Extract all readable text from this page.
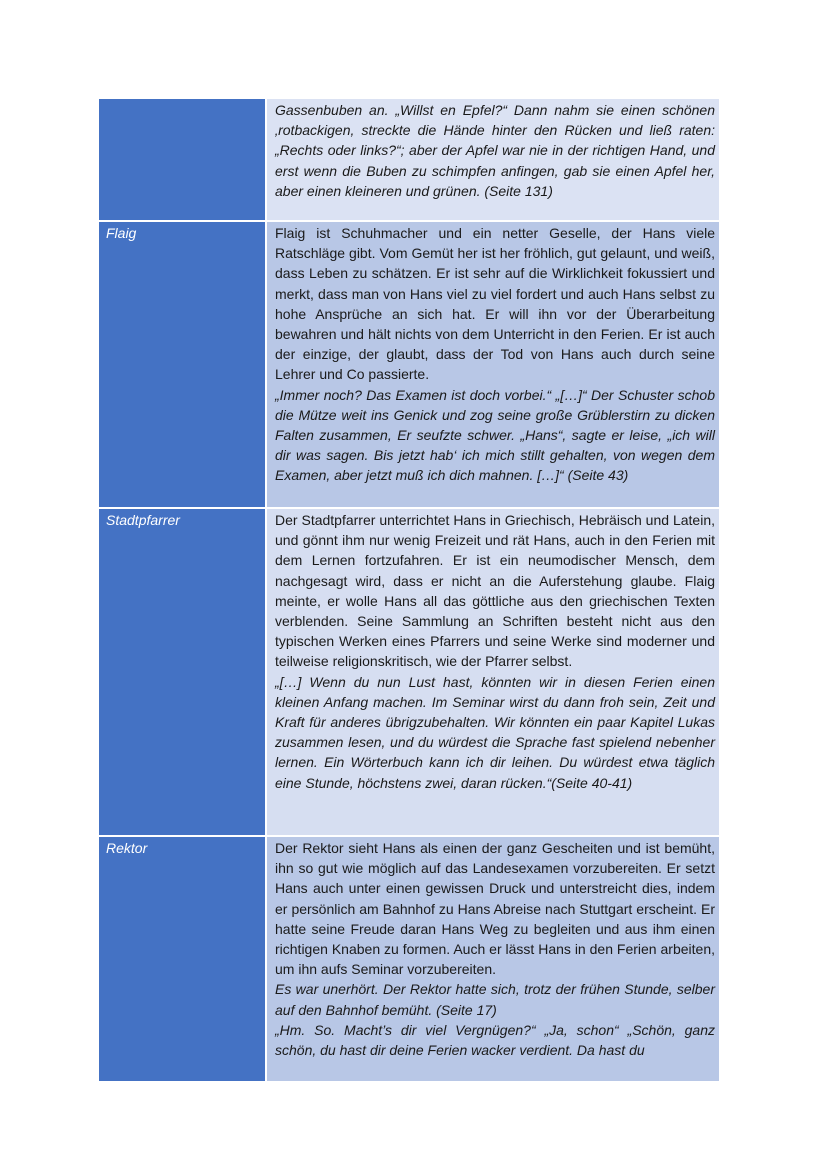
Gassenbuben an. „Willst en Epfel?“ Dann nahm sie einen schönen ‚rotbackigen, streckte die Hände hinter den Rücken und ließ raten: „Rechts oder links?“; aber der Apfel war nie in der richtigen Hand, und erst wenn die Buben zu schimpfen anfingen, gab sie einen Apfel her, aber einen kleineren und grünen. (Seite 131)
Flaig	Flaig ist Schuhmacher und ein netter Geselle, der Hans viele Ratschläge gibt. Vom Gemüt her ist her fröhlich, gut gelaunt, und weiß, dass Leben zu schätzen. Er ist sehr auf die Wirklichkeit fokussiert und merkt, dass man von Hans viel zu viel fordert und auch Hans selbst zu hohe Ansprüche an sich hat. Er will ihn vor der Überarbeitung bewahren und hält nichts von dem Unterricht in den Ferien. Er ist auch der einzige, der glaubt, dass der Tod von Hans auch durch seine Lehrer und Co passierte.
„Immer noch? Das Examen ist doch vorbei.“ „[…]“ Der Schuster schob die Mütze weit ins Genick und zog seine große Grüblerstirn zu dicken Falten zusammen, Er seufzte schwer. „Hans“, sagte er leise, „ich will dir was sagen. Bis jetzt hab‘ ich mich stillt gehalten, von wegen dem Examen, aber jetzt muß ich dich mahnen. […]“ (Seite 43)
Stadtpfarrer	Der Stadtpfarrer unterrichtet Hans in Griechisch, Hebräisch und Latein, und gönnt ihm nur wenig Freizeit und rät Hans, auch in den Ferien mit dem Lernen fortzufahren. Er ist ein neumodischer Mensch, dem nachgesagt wird, dass er nicht an die Auferstehung glaube. Flaig meinte, er wolle Hans all das göttliche aus den griechischen Texten verblenden. Seine Sammlung an Schriften besteht nicht aus den typischen Werken eines Pfarrers und seine Werke sind moderner und teilweise religionskritisch, wie der Pfarrer selbst.
„[…] Wenn du nun Lust hast, könnten wir in diesen Ferien einen kleinen Anfang machen. Im Seminar wirst du dann froh sein, Zeit und Kraft für anderes übrigzubehalten. Wir könnten ein paar Kapitel Lukas zusammen lesen, und du würdest die Sprache fast spielend nebenher lernen. Ein Wörterbuch kann ich dir leihen. Du würdest etwa täglich eine Stunde, höchstens zwei, daran rücken.“(Seite 40-41)
Rektor	Der Rektor sieht Hans als einen der ganz Gescheiten und ist bemüht, ihn so gut wie möglich auf das Landesexamen vorzubereiten. Er setzt Hans auch unter einen gewissen Druck und unterstreicht dies, indem er persönlich am Bahnhof zu Hans Abreise nach Stuttgart erscheint. Er hatte seine Freude daran Hans Weg zu begleiten und aus ihm einen richtigen Knaben zu formen. Auch er lässt Hans in den Ferien arbeiten, um ihn aufs Seminar vorzubereiten.
Es war unerhört. Der Rektor hatte sich, trotz der frühen Stunde, selber auf den Bahnhof bemüht. (Seite 17)
„Hm. So. Macht’s dir viel Vergnügen?“ „Ja, schon“ „Schön, ganz schön, du hast dir deine Ferien wacker verdient. Da hast du
